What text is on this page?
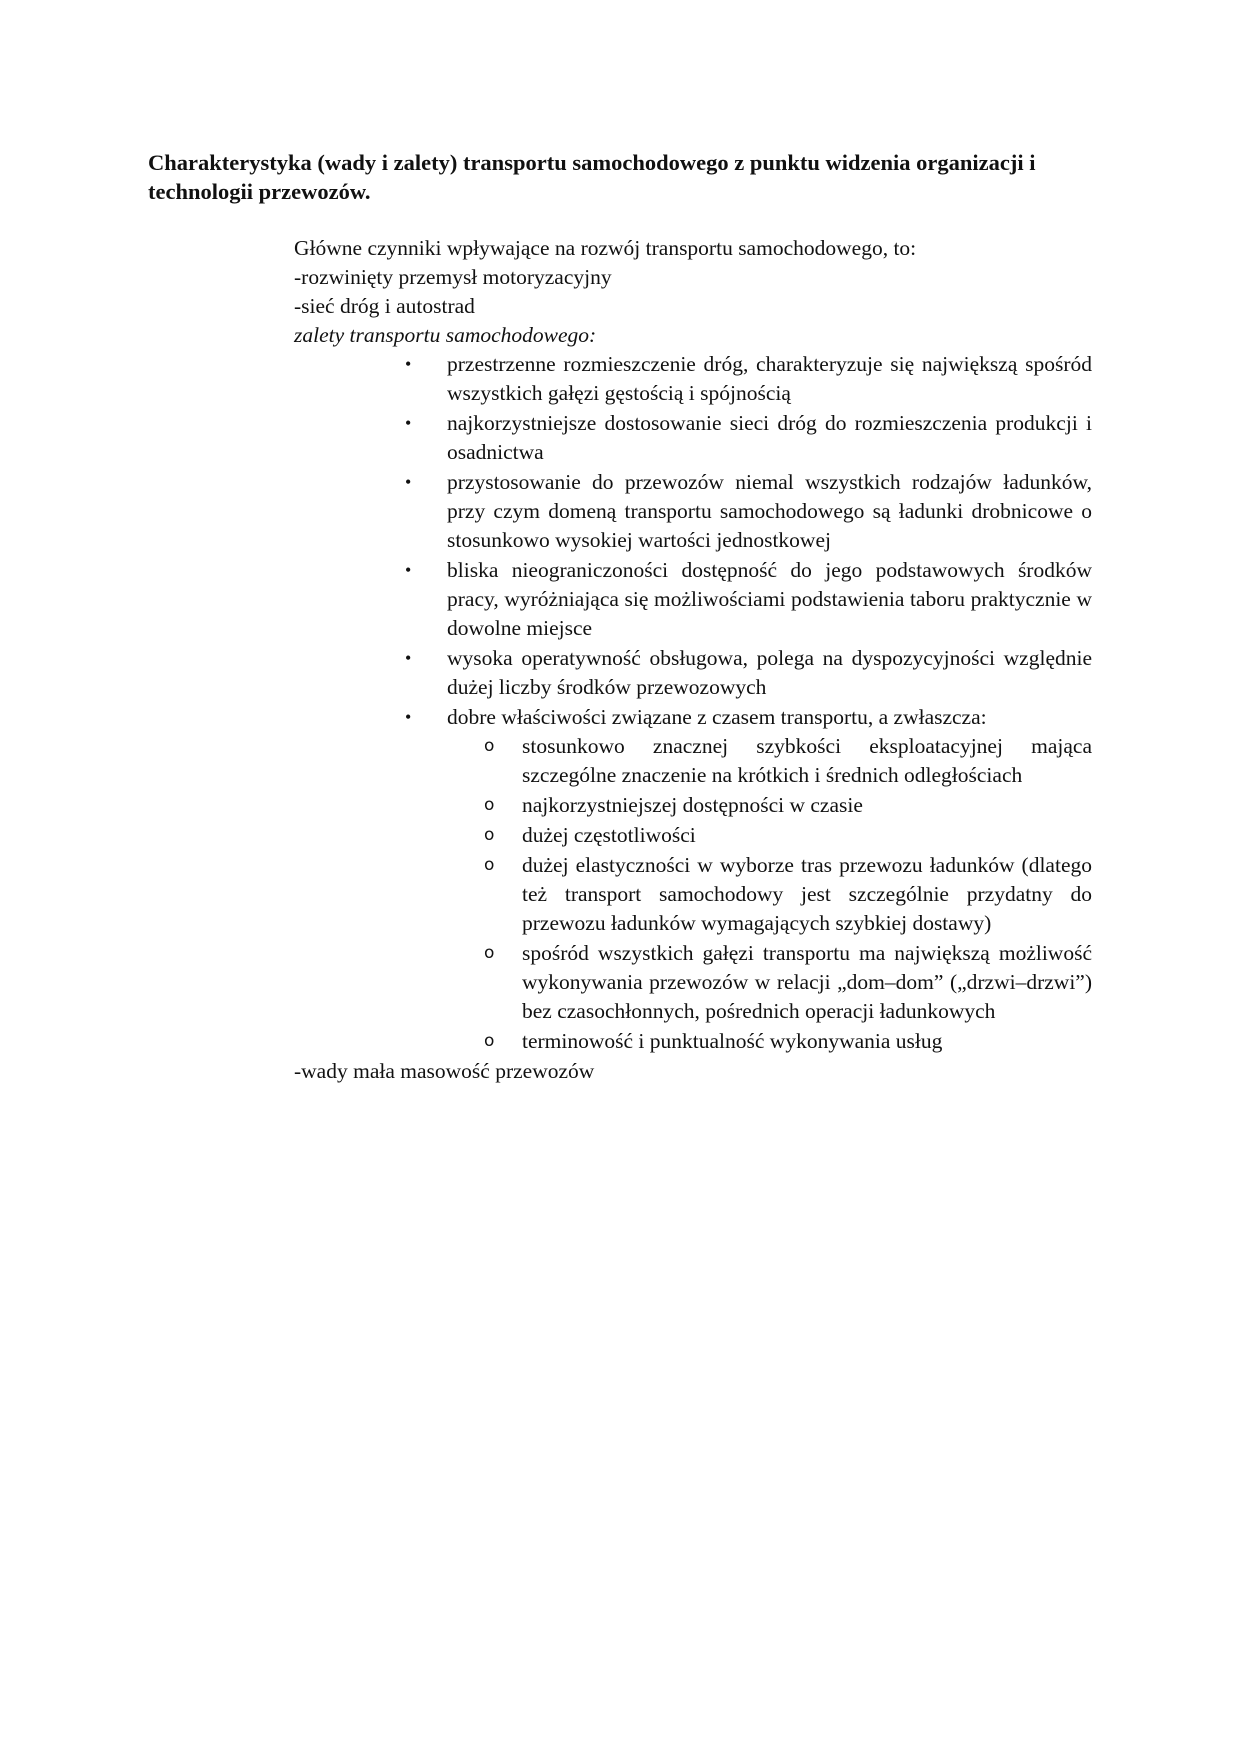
Charakterystyka (wady i zalety) transportu samochodowego z punktu widzenia organizacji i technologii przewozów.

Główne czynniki wpływające na rozwój transportu samochodowego, to:

-rozwinięty przemysł motoryzacyjny

-sieć dróg i autostrad

zalety transportu samochodowego:

• przestrzenne rozmieszczenie dróg, charakteryzuje się największą spośród wszystkich gałęzi gęstością i spójnością
• najkorzystniejsze dostosowanie sieci dróg do rozmieszczenia produkcji i osadnictwa
• przystosowanie do przewozów niemal wszystkich rodzajów ładunków, przy czym domeną transportu samochodowego są ładunki drobnicowe o stosunkowo wysokiej wartości jednostkowej
• bliska nieograniczoności dostępność do jego podstawowych środków pracy, wyróżniająca się możliwościami podstawienia taboru praktycznie w dowolne miejsce
• wysoka operatywność obsługowa, polega na dyspozycyjności względnie dużej liczby środków przewozowych
• dobre właściwości związane z czasem transportu, a zwłaszcza:
o stosunkowo znacznej szybkości eksploatacyjnej mająca szczególne znaczenie na krótkich i średnich odległościach
o najkorzystniejszej dostępności w czasie
o dużej częstotliwości
o dużej elastyczności w wyborze tras przewozu ładunków (dlatego też transport samochodowy jest szczególnie przydatny do przewozu ładunków wymagających szybkiej dostawy)
o spośród wszystkich gałęzi transportu ma największą możliwość wykonywania przewozów w relacji „dom–dom” („drzwi–drzwi”) bez czasochłonnych, pośrednich operacji ładunkowych
o terminowość i punktualność wykonywania usług

-wady mała masowość przewozów
